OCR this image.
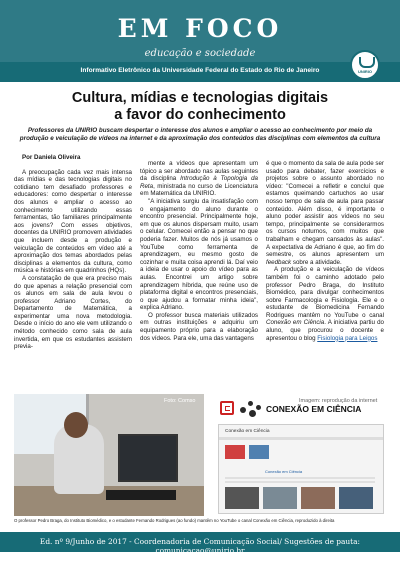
EM FOCO
educação e sociedade
Informativo Eletrônico da Universidade Federal do Estado do Rio de Janeiro	UNIRIO
Cultura, mídias e tecnologias digitais
a favor do conhecimento
Professores da UNIRIO buscam despertar o interesse dos alunos e ampliar o acesso ao conhecimento por meio da produção e veiculação de vídeos na internet e da aproximação dos conteúdos das disciplinas com elementos da cultura

Por Daniela Oliveira

A preocupação cada vez mais intensa das mídias e das tecnologias digitais no cotidiano tem desafiado professores e educadores: como despertar o interesse dos alunos e ampliar o acesso ao conhecimento utilizando essas ferramentas, tão familiares principalmente aos jovens? Com esses objetivos, docentes da UNIRIO promovem atividades que incluem desde a produção e veiculação de conteúdos em vídeo até a aproximação dos temas abordados pelas disciplinas a elementos da cultura, como música e histórias em quadrinhos (HQs).

A constatação de que era preciso mais do que apenas a relação presencial com os alunos em sala de aula levou o professor Adriano Cortes, do Departamento de Matemática, a experimentar uma nova metodologia. Desde o início do ano ele vem utilizando o método conhecido como sala de aula invertida, em que os estudantes assistem previa-

mente a vídeos que apresentam um tópico a ser abordado nas aulas seguintes da disciplina Introdução à Topologia da Reta, ministrada no curso de Licenciatura em Matemática da UNIRIO.

"A iniciativa surgiu da insatisfação com o engajamento do aluno durante o encontro presencial. Principalmente hoje, em que os alunos dispersam muito, usam o celular. Comecei então a pensar no que poderia fazer. Muitos de nós já usamos o YouTube como ferramenta de aprendizagem, eu mesmo gosto de cozinhar e muita coisa aprendi lá. Daí veio a ideia de usar o apoio do vídeo para as aulas. Encontrei um artigo sobre aprendizagem híbrida, que reúne uso de plataforma digital e encontros presenciais, o que ajudou a formatar minha ideia", explica Adriano.

O professor busca materiais utilizados em outras instituições e adquiriu um equipamento próprio para a elaboração dos vídeos. Para ele, uma das vantagens

é que o momento da sala de aula pode ser usado para debater, fazer exercícios e projetos sobre o assunto abordado no vídeo: "Comecei a refletir e concluí que estamos queimando cartuchos ao usar nosso tempo de sala de aula para passar conteúdo. Além disso, é importante o aluno poder assistir aos vídeos no seu tempo, principalmente se considerarmos os cursos noturnos, com muitos que trabalham e chegam cansados às aulas". A expectativa de Adriano é que, ao fim do semestre, os alunos apresentem um feedback sobre a atividade.

A produção e a veiculação de vídeos também foi o caminho adotado pelo professor Pedro Braga, do Instituto Biomédico, para divulgar conhecimentos sobre Farmacologia e Fisiologia. Ele e o estudante de Biomedicina Fernando Rodrigues mantêm no YouTube o canal Conexão em Ciência. A iniciativa partiu do aluno, que procurou o docente e apresentou o blog Fisiologia para Leigos

Foto: Comso
CONEXÃO EM CIÊNCIA
Conexão em Ciência
Conexão em Ciência
Imagem: reprodução da internet
O professor Pedro Braga, do Instituto Biomédico, e o estudante Fernando Rodrigues (ao fundo) mantêm no YouTube o canal Conexão em Ciência, reproduzido à direita
Ed. nº 9/Junho de 2017 - Coordenadoria de Comunicação Social/ Sugestões de pauta: comunicacao@unirio.br
